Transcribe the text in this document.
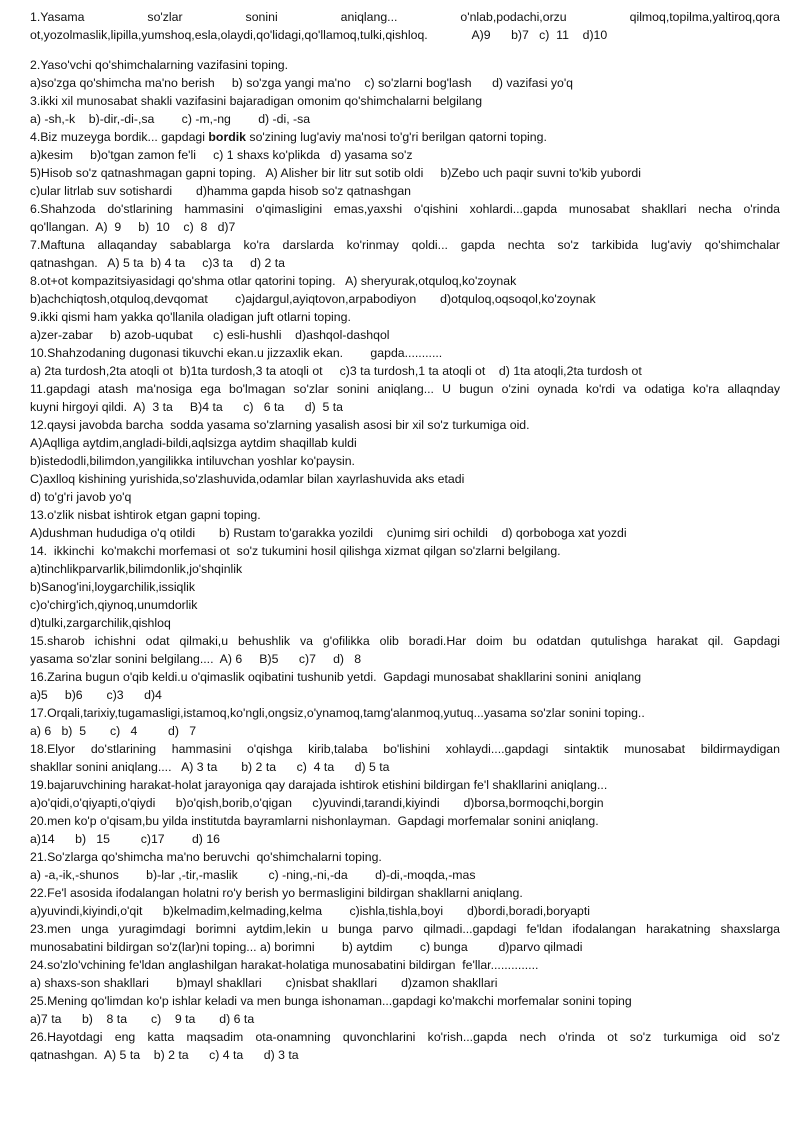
1.Yasama so'zlar sonini aniqlang... o'nlab,podachi,orzu qilmoq,topilma,yaltiroq,qora
ot,yozolmaslik,lipilla,yumshoq,esla,olaydi,qo'lidagi,qo'llamoq,tulki,qishloq.             A)9      b)7   c)  11    d)10
2.Yaso'vchi qo'shimchalarning vazifasini toping.
a)so'zga qo'shimcha ma'no berish     b) so'zga yangi ma'no    c) so'zlarni bog'lash      d) vazifasi yo'q
3.ikki xil munosabat shakli vazifasini bajaradigan omonim qo'shimchalarni belgilang
a) -sh,-k    b)-dir,-di-,sa        c) -m,-ng        d) -di, -sa
4.Biz muzeyga bordik... gapdagi bordik so'zining lug'aviy ma'nosi to'g'ri berilgan qatorni toping.
a)kesim     b)o'tgan zamon fe'li     c) 1 shaxs ko'plikda   d) yasama so'z
5)Hisob so'z qatnashmagan gapni toping.   A) Alisher bir litr sut sotib oldi     b)Zebo uch paqir suvni to'kib yubordi
c)ular litrlab suv sotishardi       d)hamma gapda hisob so'z qatnashgan
6.Shahzoda do'stlarining hammasini o'qimasligini emas,yaxshi o'qishini xohlardi...gapda munosabat shakllari necha o'rinda
qo'llangan.  A)  9     b)  10    c)  8   d)7
7.Maftuna allaqanday sabablarga ko'ra darslarda ko'rinmay qoldi... gapda nechta so'z tarkibida lug'aviy qo'shimchalar
qatnashgan.   A) 5 ta  b) 4 ta     c)3 ta     d) 2 ta
8.ot+ot kompazitsiyasidagi qo'shma otlar qatorini toping.   A) sheryurak,otquloq,ko'zoynak
b)achchiqtosh,otquloq,devqomat        c)ajdargul,ayiqtovon,arpabodiyon       d)otquloq,oqsoqol,ko'zoynak
9.ikki qismi ham yakka qo'llanila oladigan juft otlarni toping.
a)zer-zabar     b) azob-uqubat      c) esli-hushli    d)ashqol-dashqol
10.Shahzodaning dugonasi tikuvchi ekan.u jizzaxlik ekan.        gapda...........
a) 2ta turdosh,2ta atoqli ot  b)1ta turdosh,3 ta atoqli ot     c)3 ta turdosh,1 ta atoqli ot    d) 1ta atoqli,2ta turdosh ot
11.gapdagi atash ma'nosiga ega bo'lmagan so'zlar sonini aniqlang... U bugun o'zini oynada ko'rdi va odatiga ko'ra allaqnday
kuyni hirgoyi qildi.  A)  3 ta     B)4 ta      c)   6 ta      d)  5 ta
12.qaysi javobda barcha  sodda yasama so'zlarning yasalish asosi bir xil so'z turkumiga oid.
A)Aqlliga aytdim,angladi-bildi,aqlsizga aytdim shaqillab kuldi
b)istedodli,bilimdon,yangilikka intiluvchan yoshlar ko'paysin.
C)axlloq kishining yurishida,so'zlashuvida,odamlar bilan xayrlashuvida aks etadi
d) to'g'ri javob yo'q
13.o'zlik nisbat ishtirok etgan gapni toping.
A)dushman hududiga o'q otildi       b) Rustam to'garakka yozildi    c)unimg siri ochildi    d) qorboboga xat yozdi
14.  ikkinchi  ko'makchi morfemasi ot  so'z tukumini hosil qilishga xizmat qilgan so'zlarni belgilang.
a)tinchlikparvarlik,bilimdonlik,jo'shqinlik
b)Sanog'ini,loygarchilik,issiqlik
c)o'chirg'ich,qiynoq,unumdorlik
d)tulki,zargarchilik,qishloq
15.sharob ichishni odat qilmaki,u behushlik va g'ofilikka olib boradi.Har doim bu odatdan qutulishga harakat qil. Gapdagi
yasama so'zlar sonini belgilang....  A) 6     B)5      c)7     d)   8
16.Zarina bugun o'qib keldi.u o'qimaslik oqibatini tushunib yetdi.  Gapdagi munosabat shakllarini sonini  aniqlang
a)5     b)6       c)3      d)4
17.Orqali,tarixiy,tugamasligi,istamoq,ko'ngli,ongsiz,o'ynamoq,tamg'alanmoq,yutuq...yasama so'zlar sonini toping..
a) 6   b)  5       c)   4         d)   7
18.Elyor do'stlarining hammasini o'qishga kirib,talaba bo'lishini xohlaydi....gapdagi sintaktik munosabat bildirmaydigan
shakllar sonini aniqlang....   A) 3 ta       b) 2 ta      c)  4 ta      d) 5 ta
19.bajaruvchining harakat-holat jarayoniga qay darajada ishtirok etishini bildirgan fe'l shakllarini aniqlang...
a)o'qidi,o'qiyapti,o'qiydi      b)o'qish,borib,o'qigan      c)yuvindi,tarandi,kiyindi       d)borsa,bormoqchi,borgin
20.men ko'p o'qisam,bu yilda institutda bayramlarni nishonlayman.  Gapdagi morfemalar sonini aniqlang.
a)14      b)   15         c)17        d) 16
21.So'zlarga qo'shimcha ma'no beruvchi  qo'shimchalarni toping.
a) -a,-ik,-shunos        b)-lar ,-tir,-maslik         c) -ning,-ni,-da        d)-di,-moqda,-mas
22.Fe'l asosida ifodalangan holatni ro'y berish yo bermasligini bildirgan shakllarni aniqlang.
a)yuvindi,kiyindi,o'qit      b)kelmadim,kelmading,kelma        c)ishla,tishla,boyi       d)bordi,boradi,boryapti
23.men unga yuragimdagi borimni aytdim,lekin u bunga parvo qilmadi...gapdagi fe'ldan ifodalangan harakatning shaxslarga
munosabatini bildirgan so'z(lar)ni toping... a) borimni        b) aytdim        c) bunga         d)parvo qilmadi
24.so'zlo'vchining fe'ldan anglashilgan harakat-holatiga munosabatini bildirgan  fe'llar..............
a) shaxs-son shakllari        b)mayl shakllari       c)nisbat shakllari       d)zamon shakllari
25.Mening qo'limdan ko'p ishlar keladi va men bunga ishonaman...gapdagi ko'makchi morfemalar sonini toping
a)7 ta      b)    8 ta       c)    9 ta       d) 6 ta
26.Hayotdagi eng katta maqsadim ota-onamning quvonchlarini ko'rish...gapda nech o'rinda ot so'z turkumiga oid so'z
qatnashgan.  A) 5 ta    b) 2 ta      c) 4 ta      d) 3 ta
